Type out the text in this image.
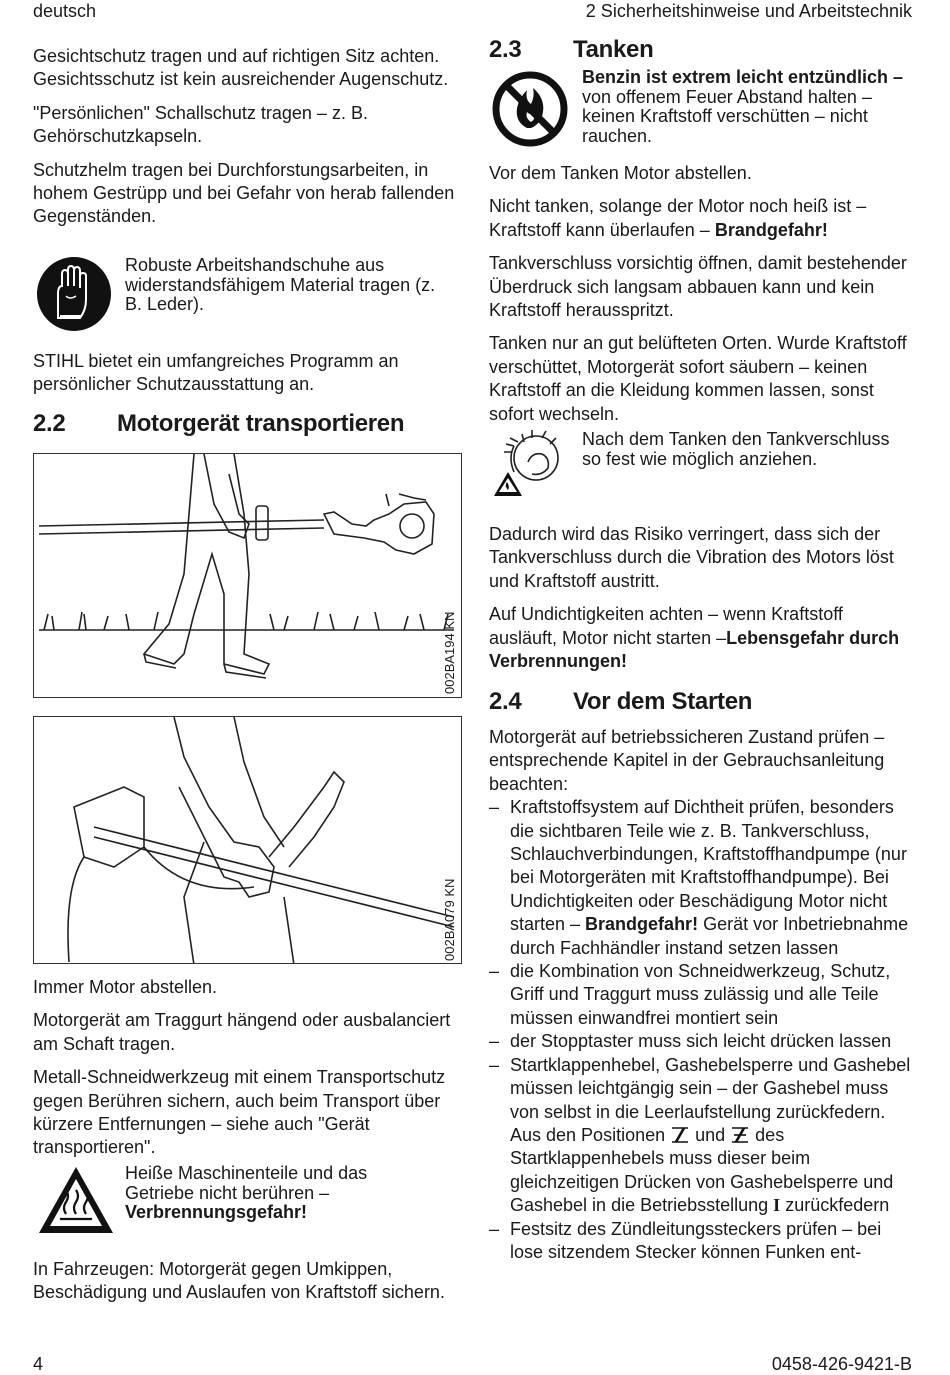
deutsch	2 Sicherheitshinweise und Arbeitstechnik

Gesichtschutz tragen und auf richtigen Sitz achten. Gesichtsschutz ist kein ausreichender Augenschutz.

"Persönlichen" Schallschutz tragen – z. B. Gehörschutzkapseln.

Schutzhelm tragen bei Durchforstungsarbeiten, in hohem Gestrüpp und bei Gefahr von herab fallenden Gegenständen.

Robuste Arbeitshandschuhe aus widerstandsfähigem Material tragen (z. B. Leder).
STIHL bietet ein umfangreiches Programm an persönlicher Schutzausstattung an.
2.2 Motorgerät transportieren
002BA194 KN
002BA079 KN

Immer Motor abstellen.

Motorgerät am Traggurt hängend oder ausbalanciert am Schaft tragen.

Metall-Schneidwerkzeug mit einem Transportschutz gegen Berühren sichern, auch beim Transport über kürzere Entfernungen – siehe auch "Gerät transportieren".

Heiße Maschinenteile und das Getriebe nicht berühren – Verbrennungsgefahr!
In Fahrzeugen: Motorgerät gegen Umkippen, Beschädigung und Auslaufen von Kraftstoff sichern.
2.3 Tanken
Benzin ist extrem leicht entzündlich – von offenem Feuer Abstand halten – keinen Kraftstoff verschütten – nicht rauchen.

Vor dem Tanken Motor abstellen.

Nicht tanken, solange der Motor noch heiß ist – Kraftstoff kann überlaufen – Brandgefahr!

Tankverschluss vorsichtig öffnen, damit bestehender Überdruck sich langsam abbauen kann und kein Kraftstoff herausspritzt.

Tanken nur an gut belüfteten Orten. Wurde Kraftstoff verschüttet, Motorgerät sofort säubern – keinen Kraftstoff an die Kleidung kommen lassen, sonst sofort wechseln.

Nach dem Tanken den Tankverschluss so fest wie möglich anziehen.

Dadurch wird das Risiko verringert, dass sich der Tankverschluss durch die Vibration des Motors löst und Kraftstoff austritt.

Auf Undichtigkeiten achten – wenn Kraftstoff ausläuft, Motor nicht starten –Lebensgefahr durch Verbrennungen!

2.4 Vor dem Starten

Motorgerät auf betriebssicheren Zustand prüfen – entsprechende Kapitel in der Gebrauchsanleitung beachten:

– Kraftstoffsystem auf Dichtheit prüfen, besonders die sichtbaren Teile wie z. B. Tankverschluss, Schlauchverbindungen, Kraftstoffhandpumpe (nur bei Motorgeräten mit Kraftstoffhandpumpe). Bei Undichtigkeiten oder Beschädigung Motor nicht starten – Brandgefahr! Gerät vor Inbetriebnahme durch Fachhändler instand setzen lassen
– die Kombination von Schneidwerkzeug, Schutz, Griff und Traggurt muss zulässig und alle Teile müssen einwandfrei montiert sein
– der Stopptaster muss sich leicht drücken lassen
– Startklappenhebel, Gashebelsperre und Gashebel müssen leichtgängig sein – der Gashebel muss von selbst in die Leerlaufstellung zurückfedern. Aus den Positionen  und  des Startklappenhebels muss dieser beim gleichzeitigen Drücken von Gashebelsperre und Gashebel in die Betriebsstellung I zurückfedern
– Festsitz des Zündleitungssteckers prüfen – bei lose sitzendem Stecker können Funken ent-
4	0458-426-9421-B
